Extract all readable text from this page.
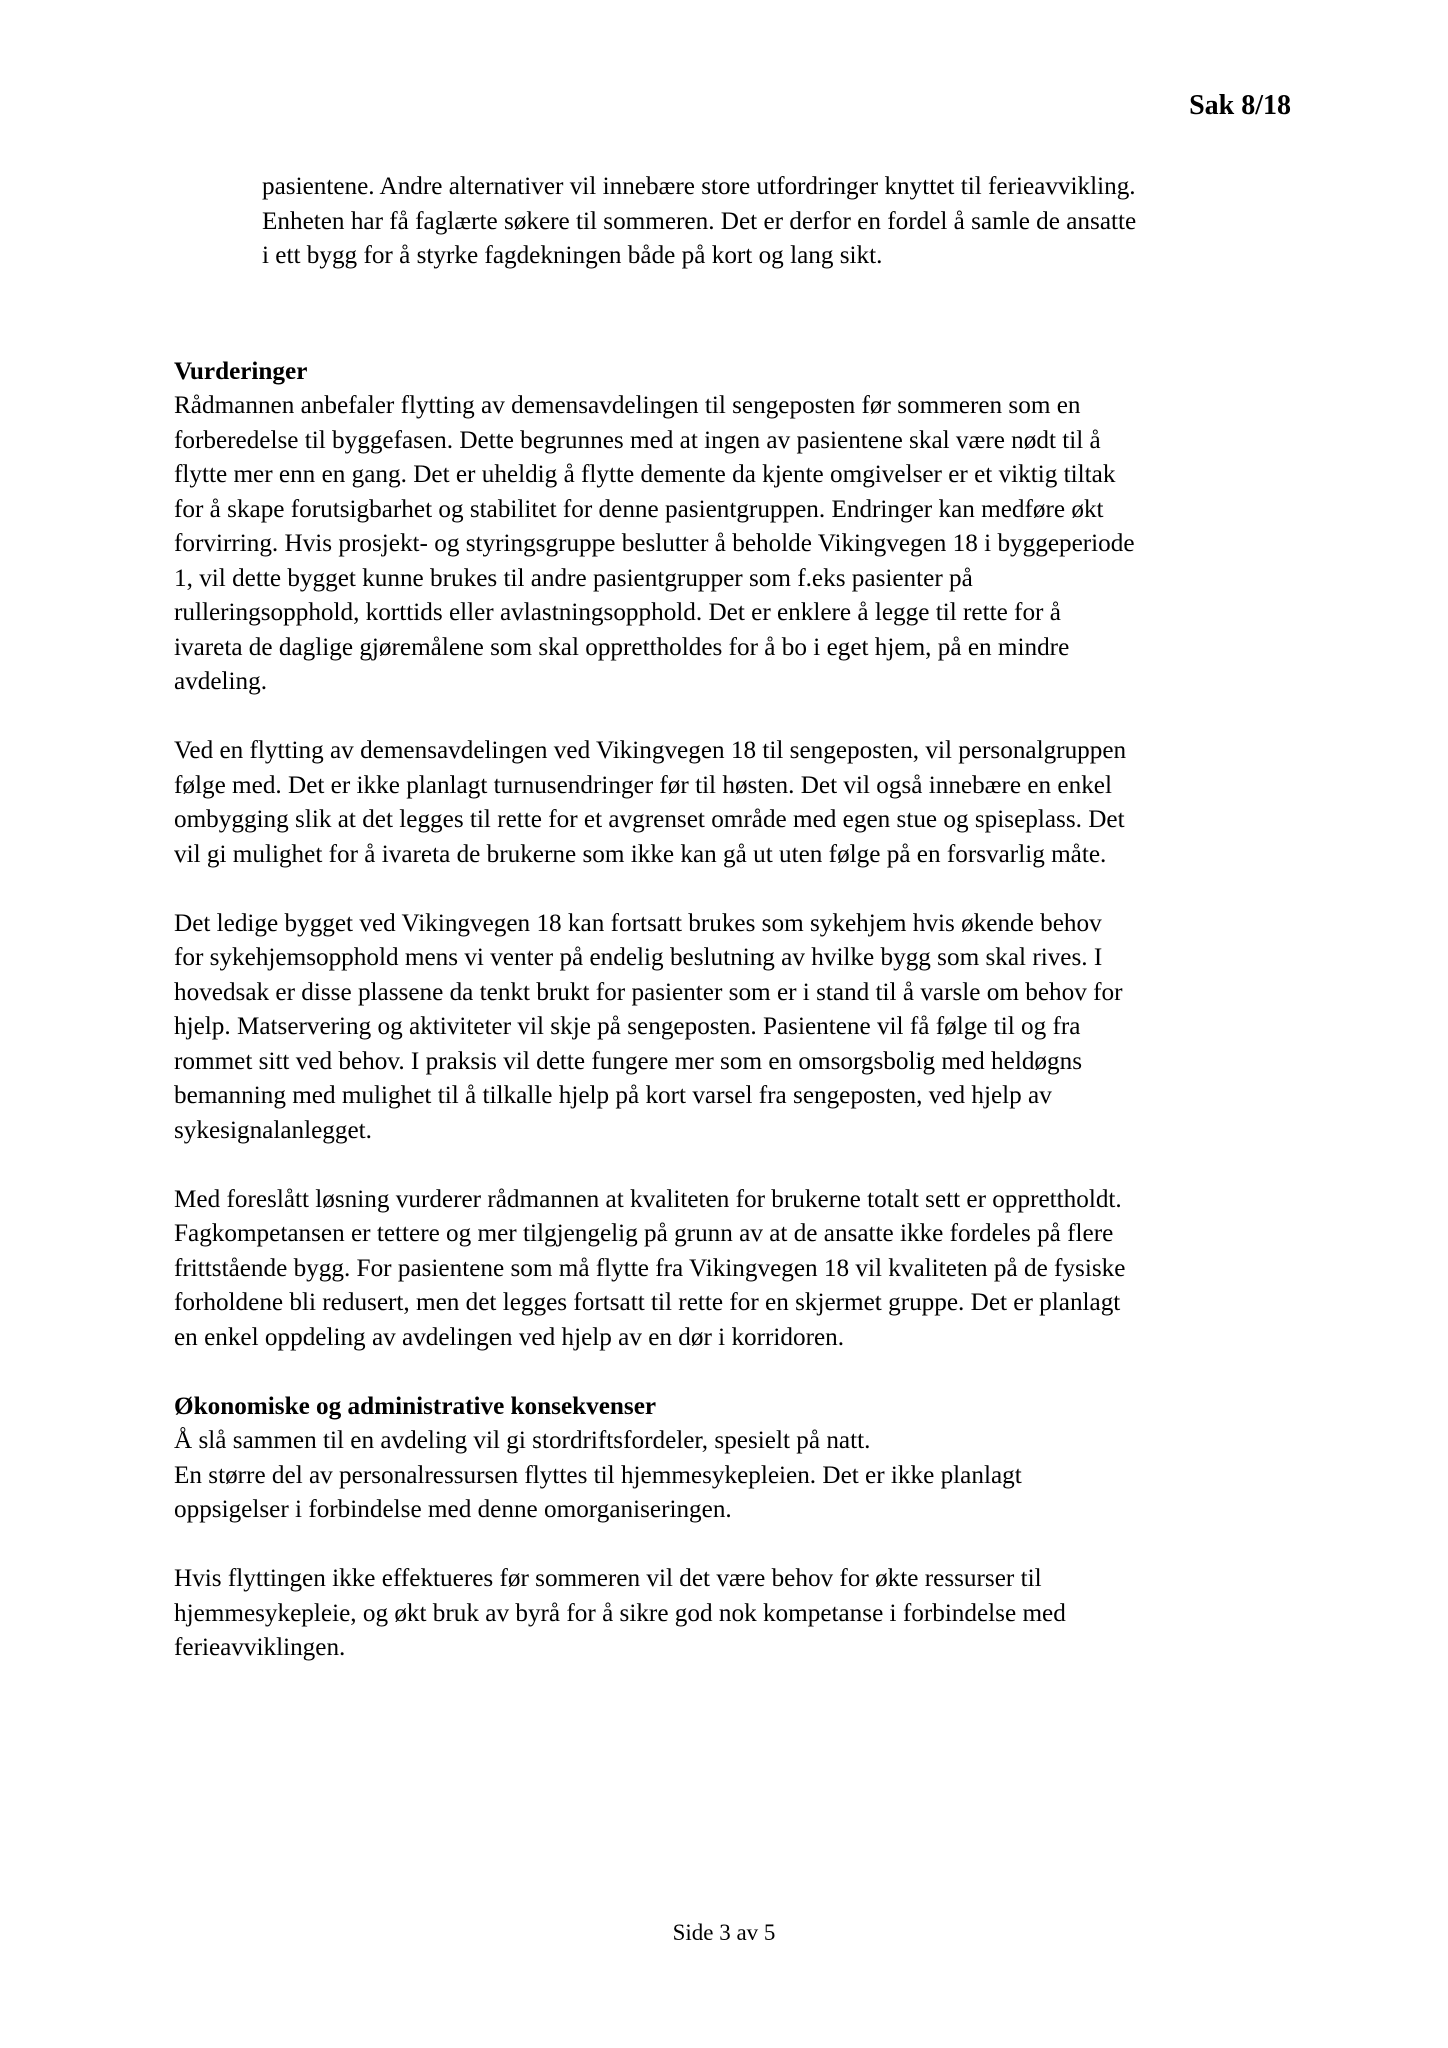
Sak 8/18
pasientene. Andre alternativer vil innebære store utfordringer knyttet til ferieavvikling.
Enheten har få faglærte søkere til sommeren. Det er derfor en fordel å samle de ansatte
i ett bygg for å styrke fagdekningen både på kort og lang sikt.
Vurderinger
Rådmannen anbefaler flytting av demensavdelingen til sengeposten før sommeren som en
forberedelse til byggefasen. Dette begrunnes med at ingen av pasientene skal være nødt til å
flytte mer enn en gang. Det er uheldig å flytte demente da kjente omgivelser er et viktig tiltak
for å skape forutsigbarhet og stabilitet for denne pasientgruppen. Endringer kan medføre økt
forvirring. Hvis prosjekt- og styringsgruppe beslutter å beholde Vikingvegen 18 i byggeperiode
1, vil dette bygget kunne brukes til andre pasientgrupper som f.eks pasienter på
rulleringsopphold, korttids eller avlastningsopphold. Det er enklere å legge til rette for å
ivareta de daglige gjøremålene som skal opprettholdes for å bo i eget hjem, på en mindre
avdeling.
Ved en flytting av demensavdelingen ved Vikingvegen 18 til sengeposten, vil personalgruppen
følge med. Det er ikke planlagt turnusendringer før til høsten. Det vil også innebære en enkel
ombygging slik at det legges til rette for et avgrenset område med egen stue og spiseplass. Det
vil gi mulighet for å ivareta de brukerne som ikke kan gå ut uten følge på en forsvarlig måte.
Det ledige bygget ved Vikingvegen 18 kan fortsatt brukes som sykehjem hvis økende behov
for sykehjemsopphold mens vi venter på endelig beslutning av hvilke bygg som skal rives. I
hovedsak er disse plassene da tenkt brukt for pasienter som er i stand til å varsle om behov for
hjelp. Matservering og aktiviteter vil skje på sengeposten. Pasientene vil få følge til og fra
rommet sitt ved behov. I praksis vil dette fungere mer som en omsorgsbolig med heldøgns
bemanning med mulighet til å tilkalle hjelp på kort varsel fra sengeposten, ved hjelp av
sykesignalanlegget.
Med foreslått løsning vurderer rådmannen at kvaliteten for brukerne totalt sett er opprettholdt.
Fagkompetansen er tettere og mer tilgjengelig på grunn av at de ansatte ikke fordeles på flere
frittstående bygg. For pasientene som må flytte fra Vikingvegen 18 vil kvaliteten på de fysiske
forholdene bli redusert, men det legges fortsatt til rette for en skjermet gruppe. Det er planlagt
en enkel oppdeling av avdelingen ved hjelp av en dør i korridoren.
Økonomiske og administrative konsekvenser
Å slå sammen til en avdeling vil gi stordriftsfordeler, spesielt på natt.
En større del av personalressursen flyttes til hjemmesykepleien. Det er ikke planlagt
oppsigelser i forbindelse med denne omorganiseringen.
Hvis flyttingen ikke effektueres før sommeren vil det være behov for økte ressurser til
hjemmesykepleie, og økt bruk av byrå for å sikre god nok kompetanse i forbindelse med
ferieavviklingen.
Side 3 av 5
